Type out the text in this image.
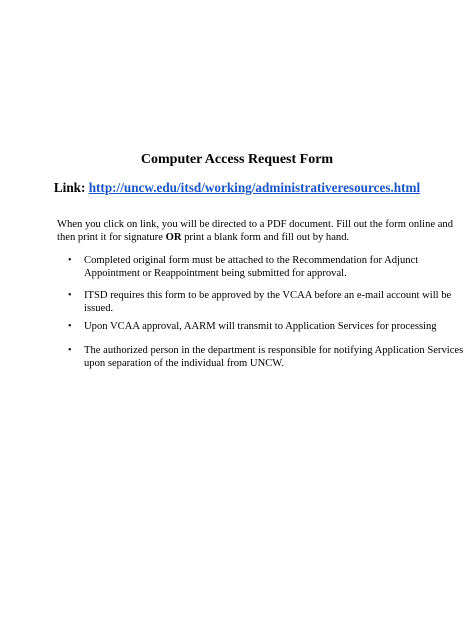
Computer Access Request Form
Link: http://uncw.edu/itsd/working/administrativeresources.html
When you click on link, you will be directed to a PDF document. Fill out the form online and
then print it for signature OR print a blank form and fill out by hand.
•	Completed original form must be attached to the Recommendation for Adjunct
Appointment or Reappointment being submitted for approval.
•	ITSD requires this form to be approved by the VCAA before an e-mail account will be
issued.
•	Upon VCAA approval, AARM will transmit to Application Services for processing
•	The authorized person in the department is responsible for notifying Application Services
upon separation of the individual from UNCW.
